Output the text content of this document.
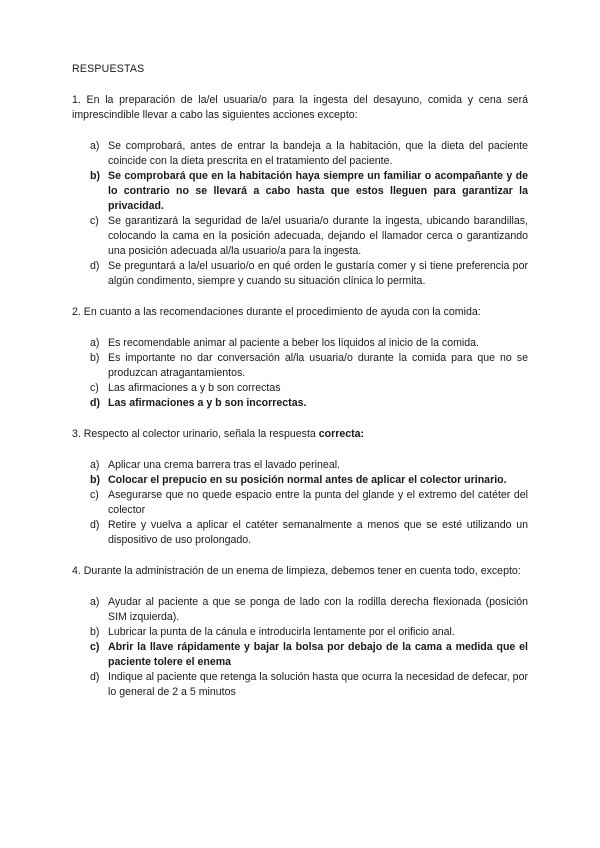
RESPUESTAS
1. En la preparación de la/el usuaria/o para la ingesta del desayuno, comida y cena será imprescindible llevar a cabo las siguientes acciones excepto:
a) Se comprobará, antes de entrar la bandeja a la habitación, que la dieta del paciente coincide con la dieta prescrita en el tratamiento del paciente.
b) Se comprobará que en la habitación haya siempre un familiar o acompañante y de lo contrario no se llevará a cabo hasta que estos lleguen para garantizar la privacidad.
c) Se garantizará la seguridad de la/el usuaria/o durante la ingesta, ubicando barandillas, colocando la cama en la posición adecuada, dejando el llamador cerca o garantizando una posición adecuada al/la usuario/a para la ingesta.
d) Se preguntará a la/el usuario/o en qué orden le gustaría comer y si tiene preferencia por algún condimento, siempre y cuando su situación clínica lo permita.
2. En cuanto a las recomendaciones durante el procedimiento de ayuda con la comida:
a) Es recomendable animar al paciente a beber los líquidos al inicio de la comida.
b) Es importante no dar conversación al/la usuaria/o durante la comida para que no se produzcan atragantamientos.
c) Las afirmaciones a y b son correctas
d) Las afirmaciones a y b son incorrectas.
3. Respecto al colector urinario, señala la respuesta correcta:
a) Aplicar una crema barrera tras el lavado perineal.
b) Colocar el prepucio en su posición normal antes de aplicar el colector urinario.
c) Asegurarse que no quede espacio entre la punta del glande y el extremo del catéter del colector
d) Retire y vuelva a aplicar el catéter semanalmente a menos que se esté utilizando un dispositivo de uso prolongado.
4. Durante la administración de un enema de limpieza, debemos tener en cuenta todo, excepto:
a) Ayudar al paciente a que se ponga de lado con la rodilla derecha flexionada (posición SIM izquierda).
b) Lubricar la punta de la cánula e introducirla lentamente por el orificio anal.
c) Abrir la llave rápidamente y bajar la bolsa por debajo de la cama a medida que el paciente tolere el enema
d) Indique al paciente que retenga la solución hasta que ocurra la necesidad de defecar, por lo general de 2 a 5 minutos
